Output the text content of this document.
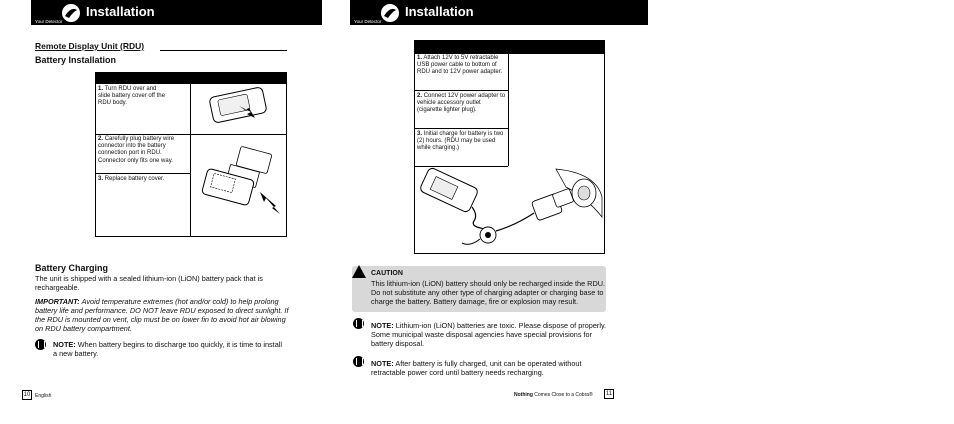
Your Detector
Installation
Remote Display Unit (RDU)
Battery Installation
1. Turn RDU over and slide battery cover off the RDU body.
2. Carefully plug battery wire connector into the battery connection port in RDU. Connector only fits one way.
3. Replace battery cover.
Battery Charging
The unit is shipped with a sealed lithium-ion (LiON) battery pack that is rechargeable.
IMPORTANT: Avoid temperature extremes (hot and/or cold) to help prolong battery life and performance. DO NOT leave RDU exposed to direct sunlight. If the RDU is mounted on vent, clip must be on lower fin to avoid hot air blowing on RDU battery compartment.
NOTE: When battery begins to discharge too quickly, it is time to install a new battery.
10 English
Your Detector
Installation
1. Attach 12V to 5V retractable USB power cable to bottom of RDU and to 12V power adapter.
2. Connect 12V power adapter to vehicle accessory outlet (cigarette lighter plug).
3. Initial charge for battery is two (2) hours. (RDU may be used while charging.)
CAUTION
This lithium-ion (LiON) battery should only be recharged inside the RDU. Do not substitute any other type of charging adapter or charging base to charge the battery. Battery damage, fire or explosion may result.
NOTE: Lithium-ion (LiON) batteries are toxic. Please dispose of properly. Some municipal waste disposal agencies have special provisions for battery disposal.
NOTE: After battery is fully charged, unit can be operated without retractable power cord until battery needs recharging.
Nothing Comes Close to a Cobra®	11
